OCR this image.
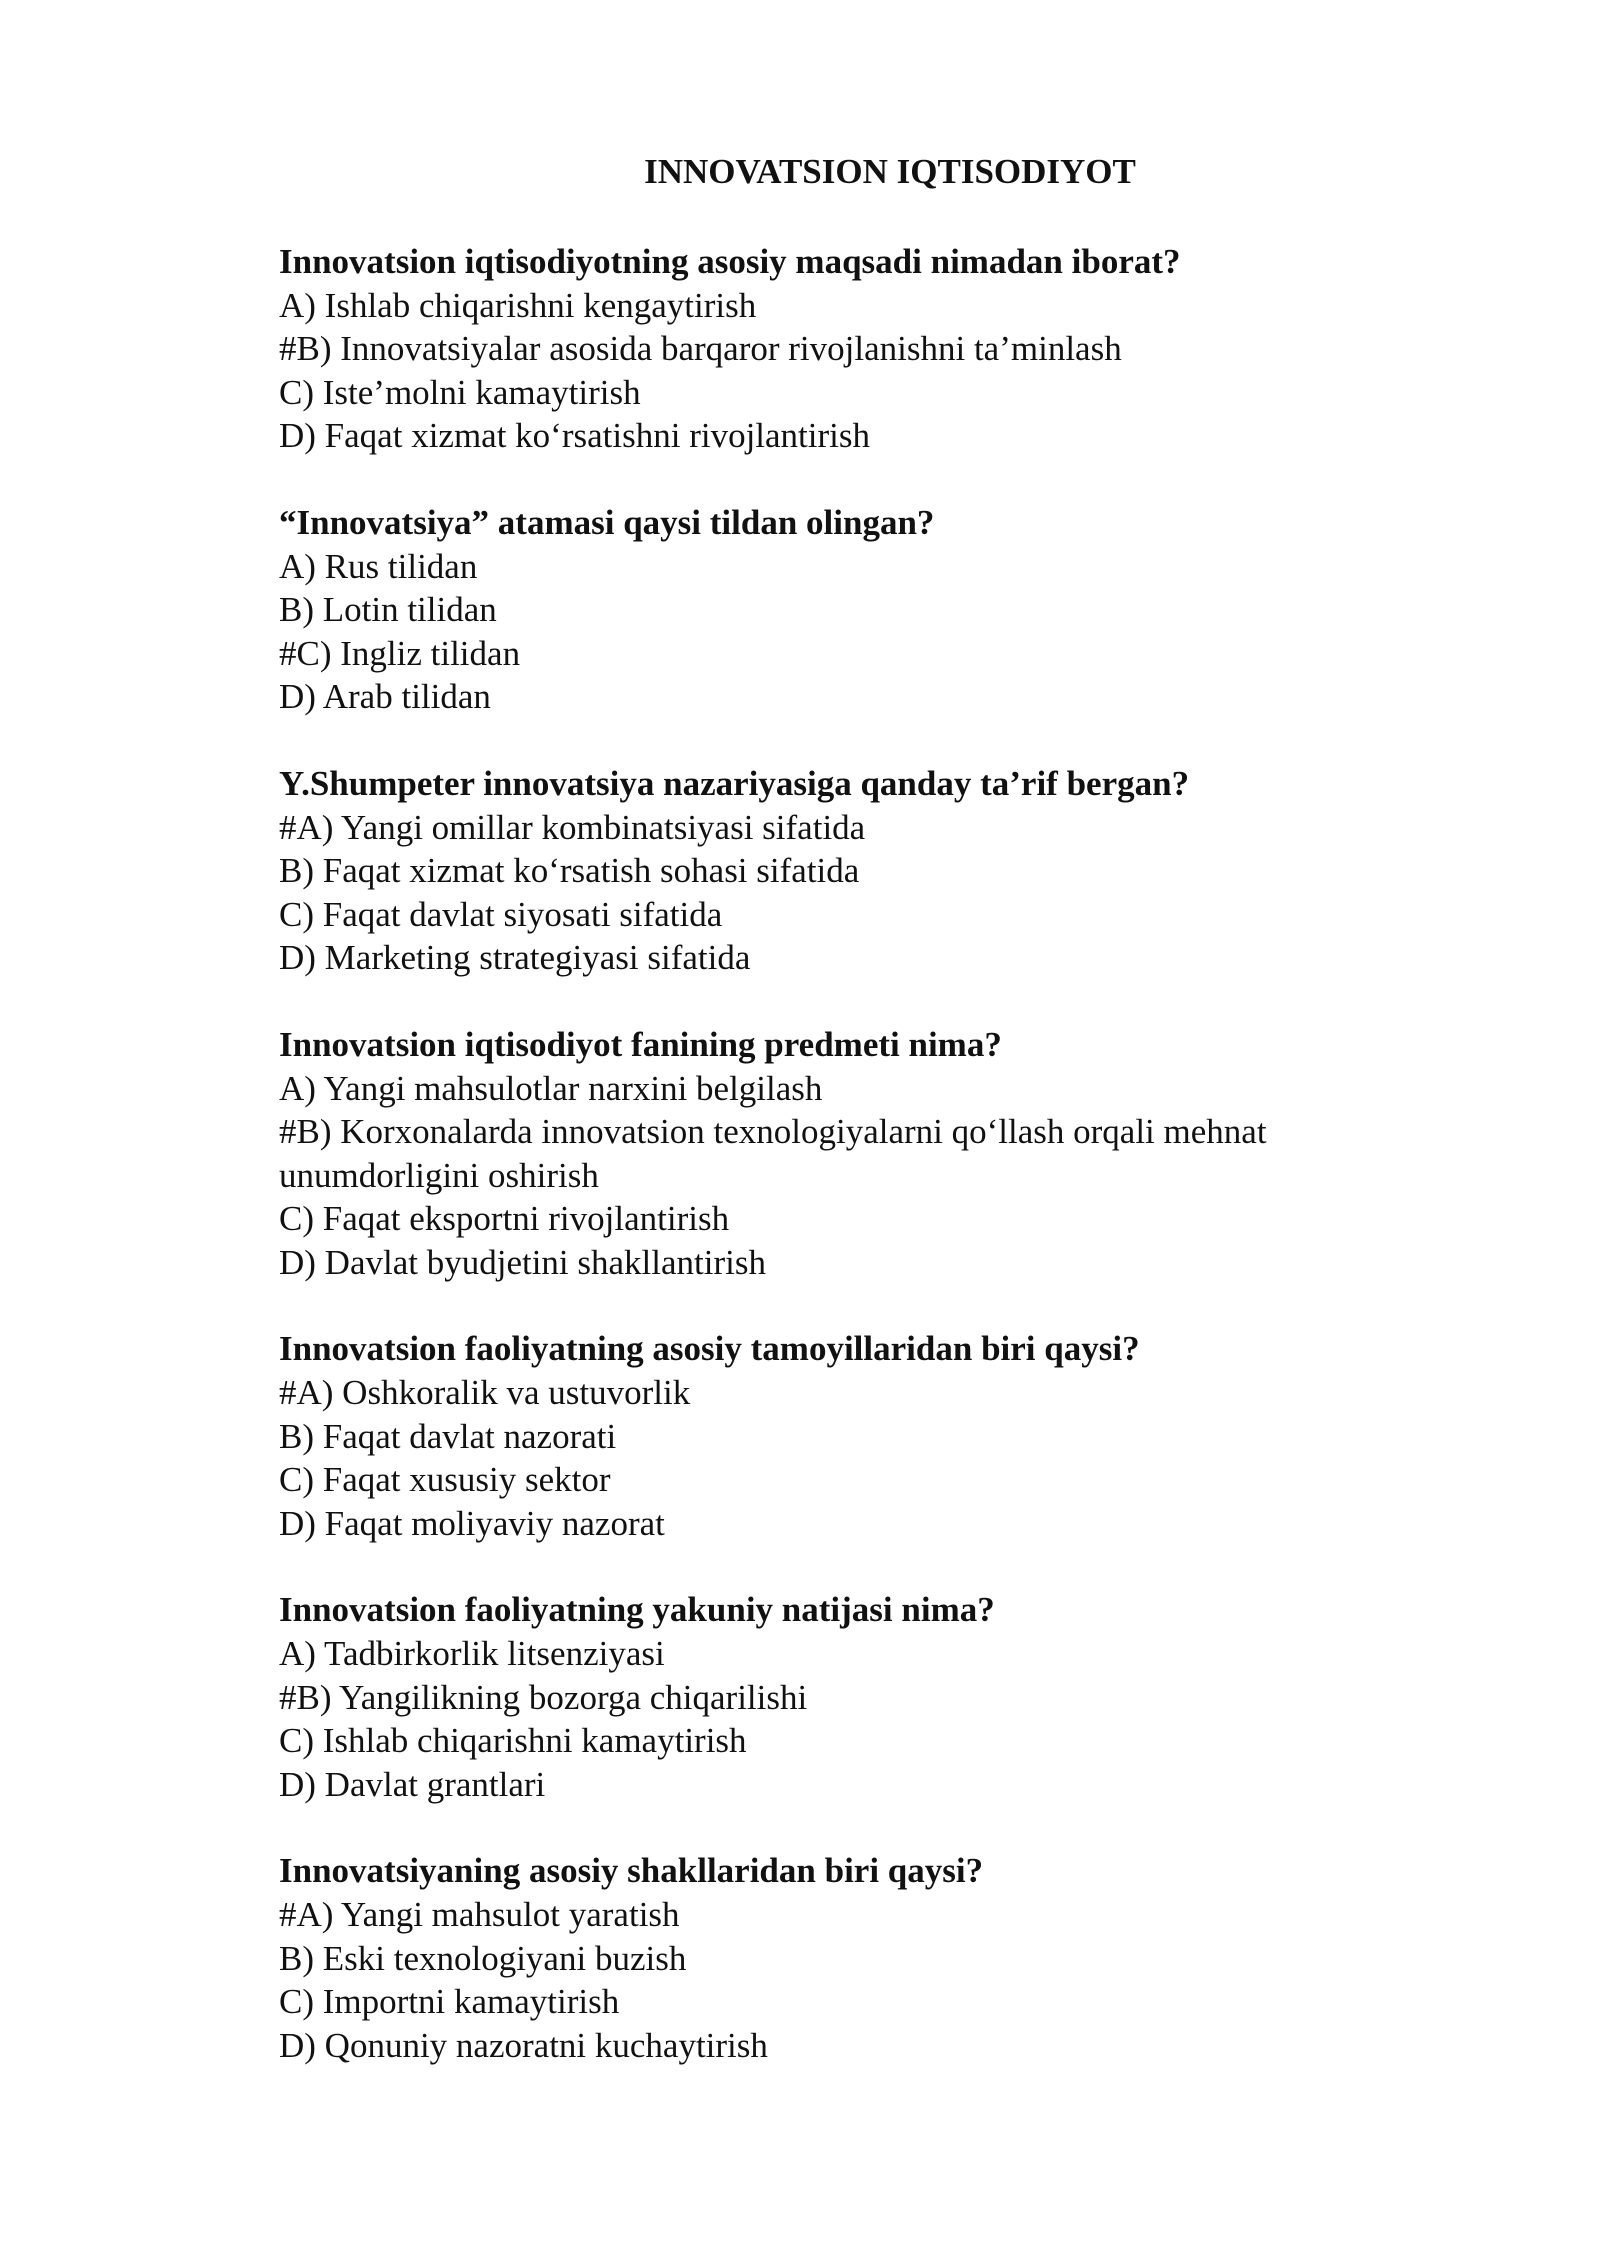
INNOVATSION IQTISODIYOT
Innovatsion iqtisodiyotning asosiy maqsadi nimadan iborat?
A) Ishlab chiqarishni kengaytirish
#B) Innovatsiyalar asosida barqaror rivojlanishni ta’minlash
C) Iste’molni kamaytirish
D) Faqat xizmat ko‘rsatishni rivojlantirish
“Innovatsiya” atamasi qaysi tildan olingan?
A) Rus tilidan
B) Lotin tilidan
#C) Ingliz tilidan
D) Arab tilidan
Y.Shumpeter innovatsiya nazariyasiga qanday ta’rif bergan?
#A) Yangi omillar kombinatsiyasi sifatida
B) Faqat xizmat ko‘rsatish sohasi sifatida
C) Faqat davlat siyosati sifatida
D) Marketing strategiyasi sifatida
Innovatsion iqtisodiyot fanining predmeti nima?
A) Yangi mahsulotlar narxini belgilash
#B) Korxonalarda innovatsion texnologiyalarni qo‘llash orqali mehnat unumdorligini oshirish
C) Faqat eksportni rivojlantirish
D) Davlat byudjetini shakllantirish
Innovatsion faoliyatning asosiy tamoyillaridan biri qaysi?
#A) Oshkoralik va ustuvorlik
B) Faqat davlat nazorati
C) Faqat xususiy sektor
D) Faqat moliyaviy nazorat
Innovatsion faoliyatning yakuniy natijasi nima?
A) Tadbirkorlik litsenziyasi
#B) Yangilikning bozorga chiqarilishi
C) Ishlab chiqarishni kamaytirish
D) Davlat grantlari
Innovatsiyaning asosiy shakllaridan biri qaysi?
#A) Yangi mahsulot yaratish
B) Eski texnologiyani buzish
C) Importni kamaytirish
D) Qonuniy nazoratni kuchaytirish
